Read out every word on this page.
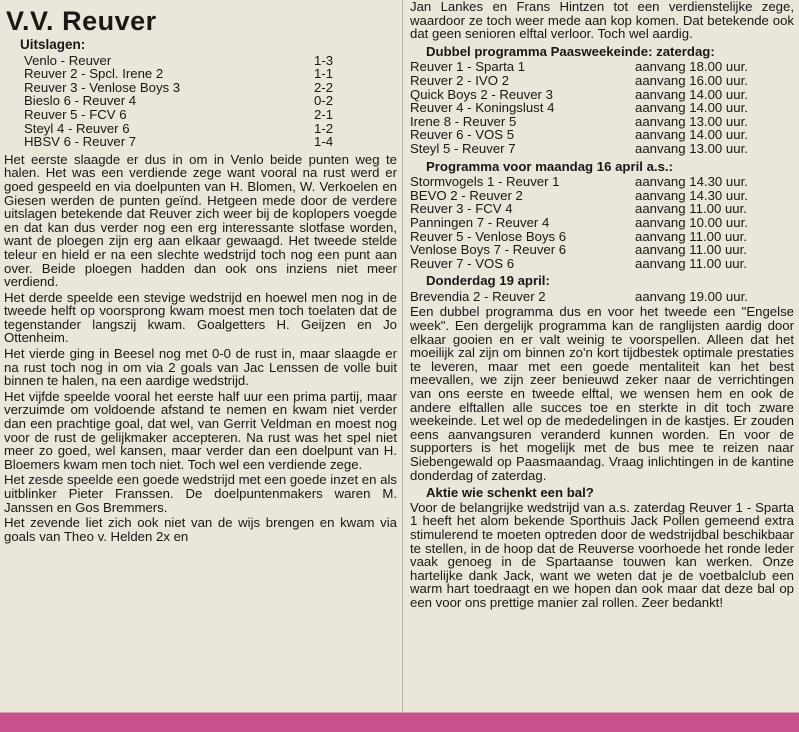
V.V. Reuver
Uitslagen:
Venlo - Reuver	1-3
Reuver 2 - Spcl. Irene 2	1-1
Reuver 3 - Venlose Boys 3	2-2
Bieslo 6 - Reuver 4	0-2
Reuver 5 - FCV 6	2-1
Steyl 4 - Reuver 6	1-2
HBSV 6 - Reuver 7	1-4
Het eerste slaagde er dus in om in Venlo beide punten weg te halen. Het was een verdiende zege want vooral na rust werd er goed gespeeld en via doelpunten van H. Blomen, W. Verkoelen en Giesen werden de punten geïnd. Hetgeen mede door de verdere uitslagen betekende dat Reuver zich weer bij de koplopers voegde en dat kan dus verder nog een erg interessante slotfase worden, want de ploegen zijn erg aan elkaar gewaagd. Het tweede stelde teleur en hield er na een slechte wedstrijd toch nog een punt aan over. Beide ploegen hadden dan ook ons inziens niet meer verdiend.
Het derde speelde een stevige wedstrijd en hoewel men nog in de tweede helft op voorsprong kwam moest men toch toelaten dat de tegenstander langszij kwam. Goalgetters H. Geijzen en Jo Ottenheim.
Het vierde ging in Beesel nog met 0-0 de rust in, maar slaagde er na rust toch nog in om via 2 goals van Jac Lenssen de volle buit binnen te halen, na een aardige wedstrijd.
Het vijfde speelde vooral het eerste half uur een prima partij, maar verzuimde om voldoende afstand te nemen en kwam niet verder dan een prachtige goal, dat wel, van Gerrit Veldman en moest nog voor de rust de gelijkmaker accepteren. Na rust was het spel niet meer zo goed, wel kansen, maar verder dan een doelpunt van H. Bloemers kwam men toch niet. Toch wel een verdiende zege.
Het zesde speelde een goede wedstrijd met een goede inzet en als uitblinker Pieter Franssen. De doelpuntenmakers waren M. Janssen en Gos Bremmers.
Het zevende liet zich ook niet van de wijs brengen en kwam via goals van Theo v. Helden 2x en
Jan Lankes en Frans Hintzen tot een verdienstelijke zege, waardoor ze toch weer mede aan kop komen. Dat betekende ook dat geen senioren elftal verloor. Toch wel aardig.
Dubbel programma Paasweekeinde: zaterdag:
Reuver 1 - Sparta 1	aanvang 18.00 uur.
Reuver 2 - IVO 2	aanvang 16.00 uur.
Quick Boys 2 - Reuver 3	aanvang 14.00 uur.
Reuver 4 - Koningslust 4	aanvang 14.00 uur.
Irene 8 - Reuver 5	aanvang 13.00 uur.
Reuver 6 - VOS 5	aanvang 14.00 uur.
Steyl 5 - Reuver 7	aanvang 13.00 uur.
Programma voor maandag 16 april a.s.:
Stormvogels 1 - Reuver 1	aanvang 14.30 uur.
BEVO 2 - Reuver 2	aanvang 14.30 uur.
Reuver 3 - FCV 4	aanvang 11.00 uur.
Panningen 7 - Reuver 4	aanvang 10.00 uur.
Reuver 5 - Venlose Boys 6	aanvang 11.00 uur.
Venlose Boys 7 - Reuver 6	aanvang 11.00 uur.
Reuver 7 - VOS 6	aanvang 11.00 uur.
Donderdag 19 april:
Brevendia 2 - Reuver 2	aanvang 19.00 uur.
Een dubbel programma dus en voor het tweede een "Engelse week". Een dergelijk programma kan de ranglijsten aardig door elkaar gooien en er valt weinig te voorspellen. Alleen dat het moeilijk zal zijn om binnen zo'n kort tijdbestek optimale prestaties te leveren, maar met een goede mentaliteit kan het best meevallen, we zijn zeer benieuwd zeker naar de verrichtingen van ons eerste en tweede elftal, we wensen hem en ook de andere elftallen alle succes toe en sterkte in dit toch zware weekeinde. Let wel op de mededelingen in de kastjes. Er zouden eens aanvangsuren veranderd kunnen worden. En voor de supporters is het mogelijk met de bus mee te reizen naar Siebengewald op Paasmaandag. Vraag inlichtingen in de kantine donderdag of zaterdag.
Aktie wie schenkt een bal?
Voor de belangrijke wedstrijd van a.s. zaterdag Reuver 1 - Sparta 1 heeft het alom bekende Sporthuis Jack Pollen gemeend extra stimulerend te moeten optreden door de wedstrijdbal beschikbaar te stellen, in de hoop dat de Reuverse voorhoede het ronde leder vaak genoeg in de Spartaanse touwen kan werken. Onze hartelijke dank Jack, want we weten dat je de voetbalclub een warm hart toedraagt en we hopen dan ook maar dat deze bal op een voor ons prettige manier zal rollen. Zeer bedankt!
